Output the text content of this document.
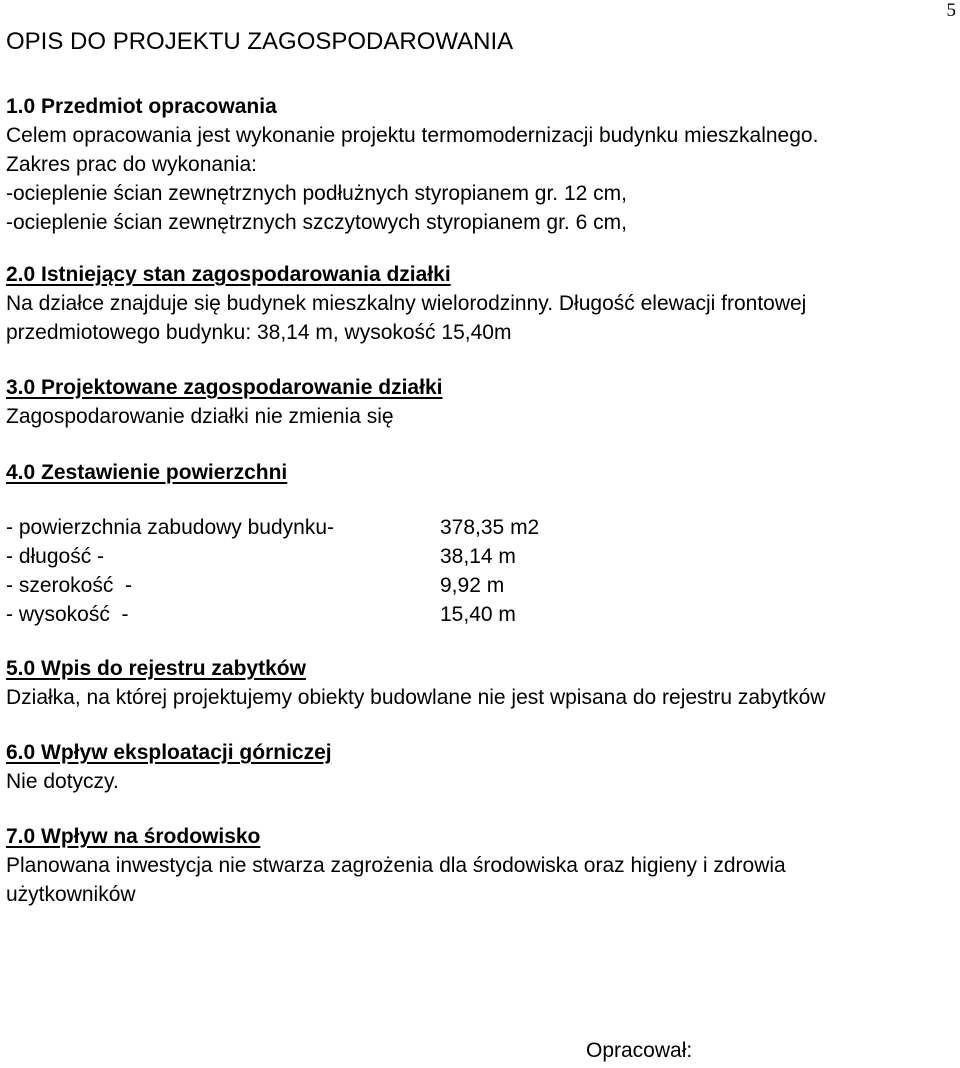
5
OPIS DO PROJEKTU ZAGOSPODAROWANIA
1.0 Przedmiot opracowania

Celem opracowania jest wykonanie projektu termomodernizacji budynku mieszkalnego.

Zakres prac do wykonania:

-ocieplenie ścian zewnętrznych podłużnych styropianem gr. 12 cm,

-ocieplenie ścian zewnętrznych szczytowych styropianem gr. 6 cm,

2.0 Istniejący stan zagospodarowania działki

Na działce znajduje się budynek mieszkalny wielorodzinny. Długość elewacji frontowej

przedmiotowego budynku: 38,14 m, wysokość 15,40m

3.0 Projektowane zagospodarowanie działki

Zagospodarowanie działki nie zmienia się

4.0 Zestawienie powierzchni
- powierzchnia zabudowy budynku-	378,35 m2
- długość -	38,14 m
- szerokość  -	9,92 m
- wysokość  -	15,40 m
5.0 Wpis do rejestru zabytków

Działka, na której projektujemy obiekty budowlane nie jest wpisana do rejestru zabytków

6.0 Wpływ eksploatacji górniczej

Nie dotyczy.

7.0 Wpływ na środowisko

Planowana inwestycja nie stwarza zagrożenia dla środowiska oraz higieny i zdrowia

użytkowników

Opracował:
